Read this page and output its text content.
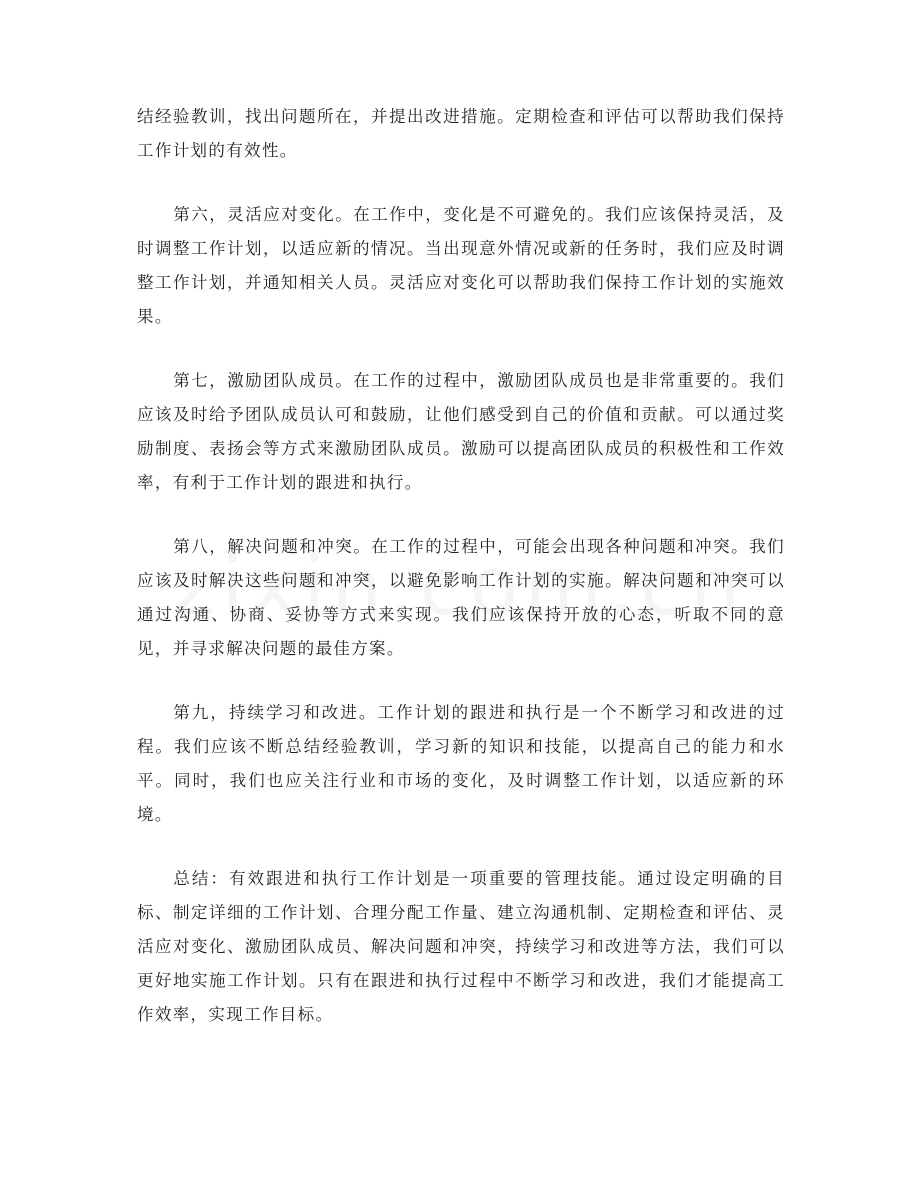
结经验教训，找出问题所在，并提出改进措施。定期检查和评估可以帮助我们保持工作计划的有效性。

第六，灵活应对变化。在工作中，变化是不可避免的。我们应该保持灵活，及时调整工作计划，以适应新的情况。当出现意外情况或新的任务时，我们应及时调整工作计划，并通知相关人员。灵活应对变化可以帮助我们保持工作计划的实施效果。

第七，激励团队成员。在工作的过程中，激励团队成员也是非常重要的。我们应该及时给予团队成员认可和鼓励，让他们感受到自己的价值和贡献。可以通过奖励制度、表扬会等方式来激励团队成员。激励可以提高团队成员的积极性和工作效率，有利于工作计划的跟进和执行。

第八，解决问题和冲突。在工作的过程中，可能会出现各种问题和冲突。我们应该及时解决这些问题和冲突，以避免影响工作计划的实施。解决问题和冲突可以通过沟通、协商、妥协等方式来实现。我们应该保持开放的心态，听取不同的意见，并寻求解决问题的最佳方案。

第九，持续学习和改进。工作计划的跟进和执行是一个不断学习和改进的过程。我们应该不断总结经验教训，学习新的知识和技能，以提高自己的能力和水平。同时，我们也应关注行业和市场的变化，及时调整工作计划，以适应新的环境。

总结：有效跟进和执行工作计划是一项重要的管理技能。通过设定明确的目标、制定详细的工作计划、合理分配工作量、建立沟通机制、定期检查和评估、灵活应对变化、激励团队成员、解决问题和冲突，持续学习和改进等方法，我们可以更好地实施工作计划。只有在跟进和执行过程中不断学习和改进，我们才能提高工作效率，实现工作目标。
